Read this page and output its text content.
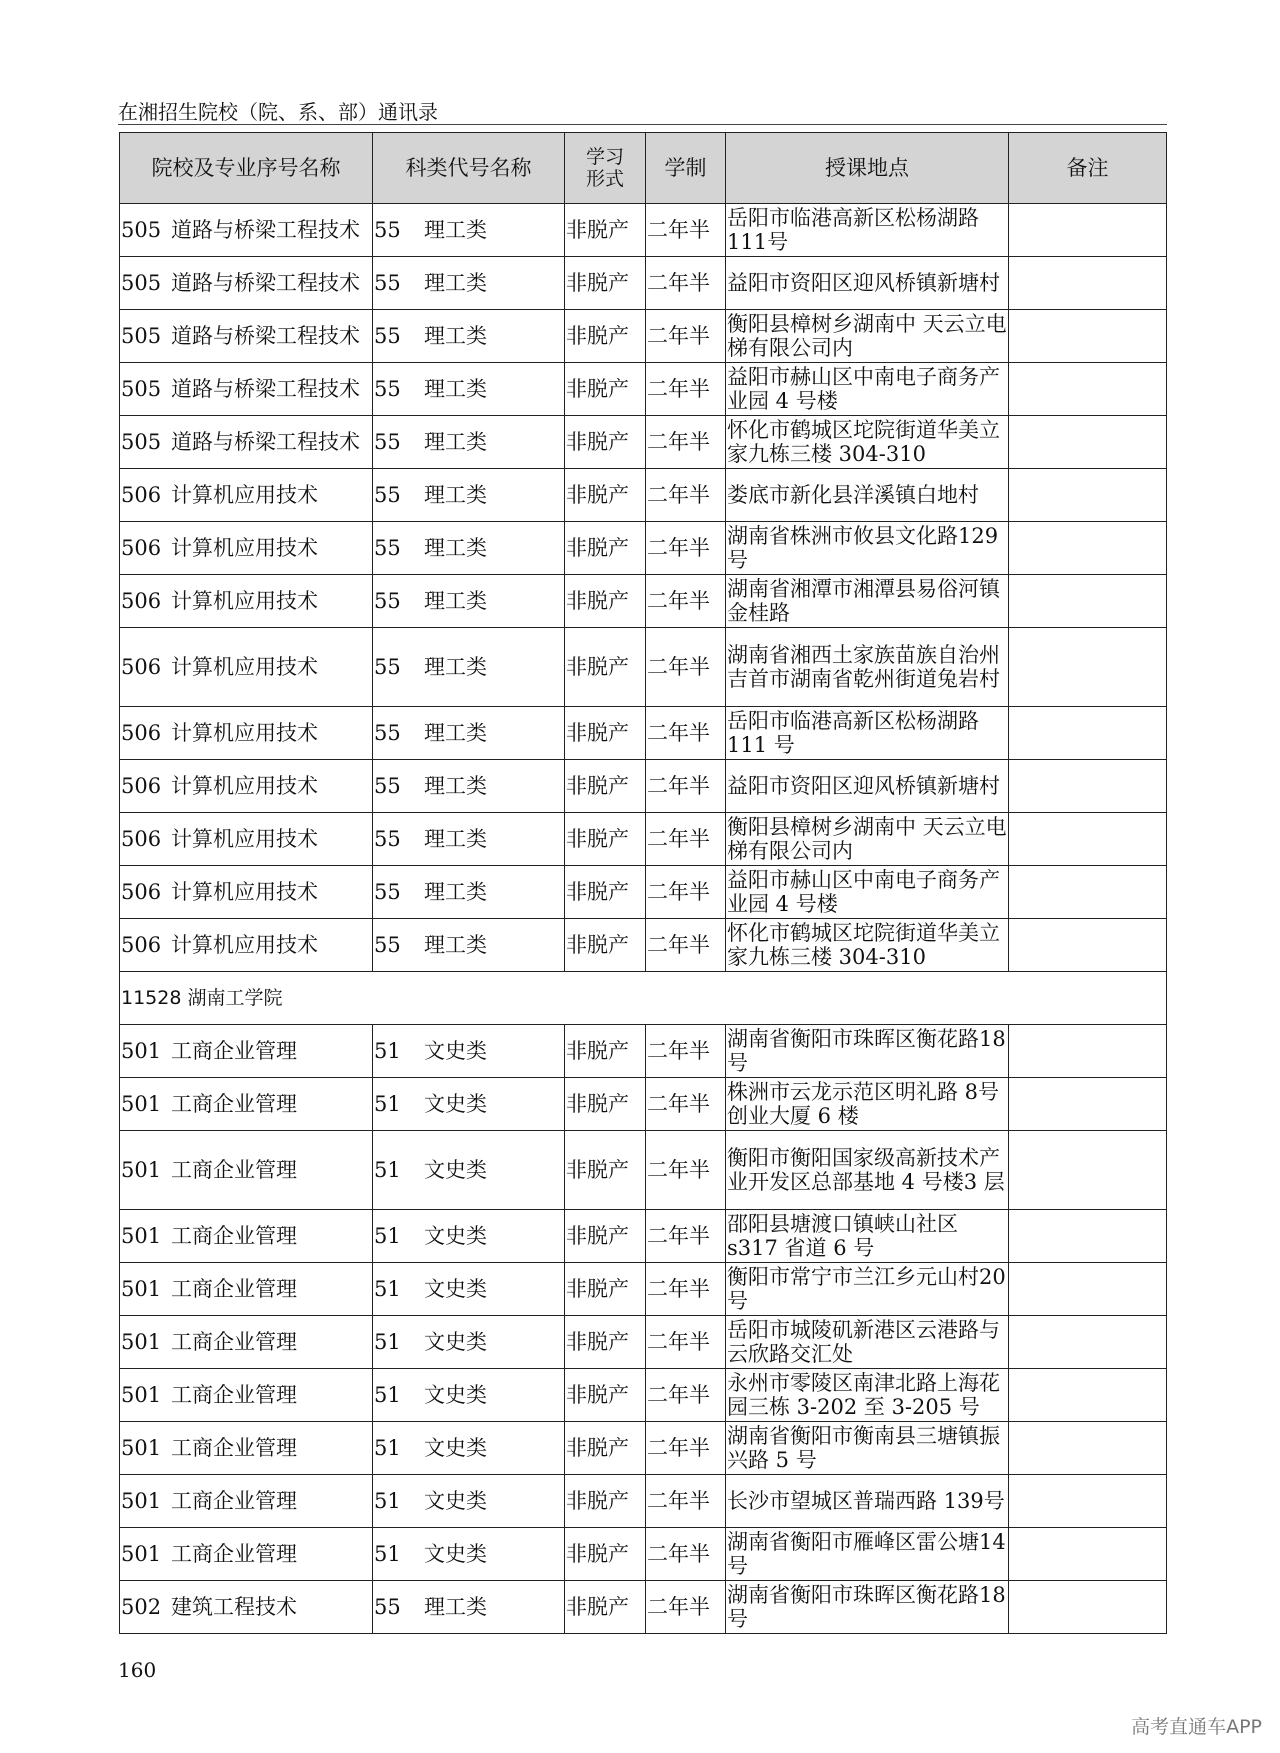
在湘招生院校（院、系、部）通讯录
院校及专业序号名称	科类代号名称	学习形式	学制	授课地点	备注
505 道路与桥梁工程技术	55 理工类	非脱产	二年半	岳阳市临港高新区松杨湖路111号	
505 道路与桥梁工程技术	55 理工类	非脱产	二年半	益阳市资阳区迎风桥镇新塘村	
505 道路与桥梁工程技术	55 理工类	非脱产	二年半	衡阳县樟树乡湖南中 天云立电梯有限公司内	
505 道路与桥梁工程技术	55 理工类	非脱产	二年半	益阳市赫山区中南电子商务产业园 4 号楼	
505 道路与桥梁工程技术	55 理工类	非脱产	二年半	怀化市鹤城区坨院街道华美立家九栋三楼 304-310	
506 计算机应用技术	55 理工类	非脱产	二年半	娄底市新化县洋溪镇白地村	
506 计算机应用技术	55 理工类	非脱产	二年半	湖南省株洲市攸县文化路129 号	
506 计算机应用技术	55 理工类	非脱产	二年半	湖南省湘潭市湘潭县易俗河镇金桂路	
506 计算机应用技术	55 理工类	非脱产	二年半	湖南省湘西土家族苗族自治州吉首市湖南省乾州街道兔岩村	
506 计算机应用技术	55 理工类	非脱产	二年半	岳阳市临港高新区松杨湖路111 号	
506 计算机应用技术	55 理工类	非脱产	二年半	益阳市资阳区迎风桥镇新塘村	
506 计算机应用技术	55 理工类	非脱产	二年半	衡阳县樟树乡湖南中 天云立电梯有限公司内	
506 计算机应用技术	55 理工类	非脱产	二年半	益阳市赫山区中南电子商务产业园 4 号楼	
506 计算机应用技术	55 理工类	非脱产	二年半	怀化市鹤城区坨院街道华美立家九栋三楼 304-310	
11528 湖南工学院					
501 工商企业管理	51 文史类	非脱产	二年半	湖南省衡阳市珠晖区衡花路18 号	
501 工商企业管理	51 文史类	非脱产	二年半	株洲市云龙示范区明礼路 8号创业大厦 6 楼	
501 工商企业管理	51 文史类	非脱产	二年半	衡阳市衡阳国家级高新技术产业开发区总部基地 4 号楼3 层	
501 工商企业管理	51 文史类	非脱产	二年半	邵阳县塘渡口镇峡山社区s317 省道 6 号	
501 工商企业管理	51 文史类	非脱产	二年半	衡阳市常宁市兰江乡元山村20 号	
501 工商企业管理	51 文史类	非脱产	二年半	岳阳市城陵矶新港区云港路与云欣路交汇处	
501 工商企业管理	51 文史类	非脱产	二年半	永州市零陵区南津北路上海花园三栋 3-202 至 3-205 号	
501 工商企业管理	51 文史类	非脱产	二年半	湖南省衡阳市衡南县三塘镇振兴路 5 号	
501 工商企业管理	51 文史类	非脱产	二年半	长沙市望城区普瑞西路 139号	
501 工商企业管理	51 文史类	非脱产	二年半	湖南省衡阳市雁峰区雷公塘14 号	
502 建筑工程技术	55 理工类	非脱产	二年半	湖南省衡阳市珠晖区衡花路18 号	
160
高考直通车APP
